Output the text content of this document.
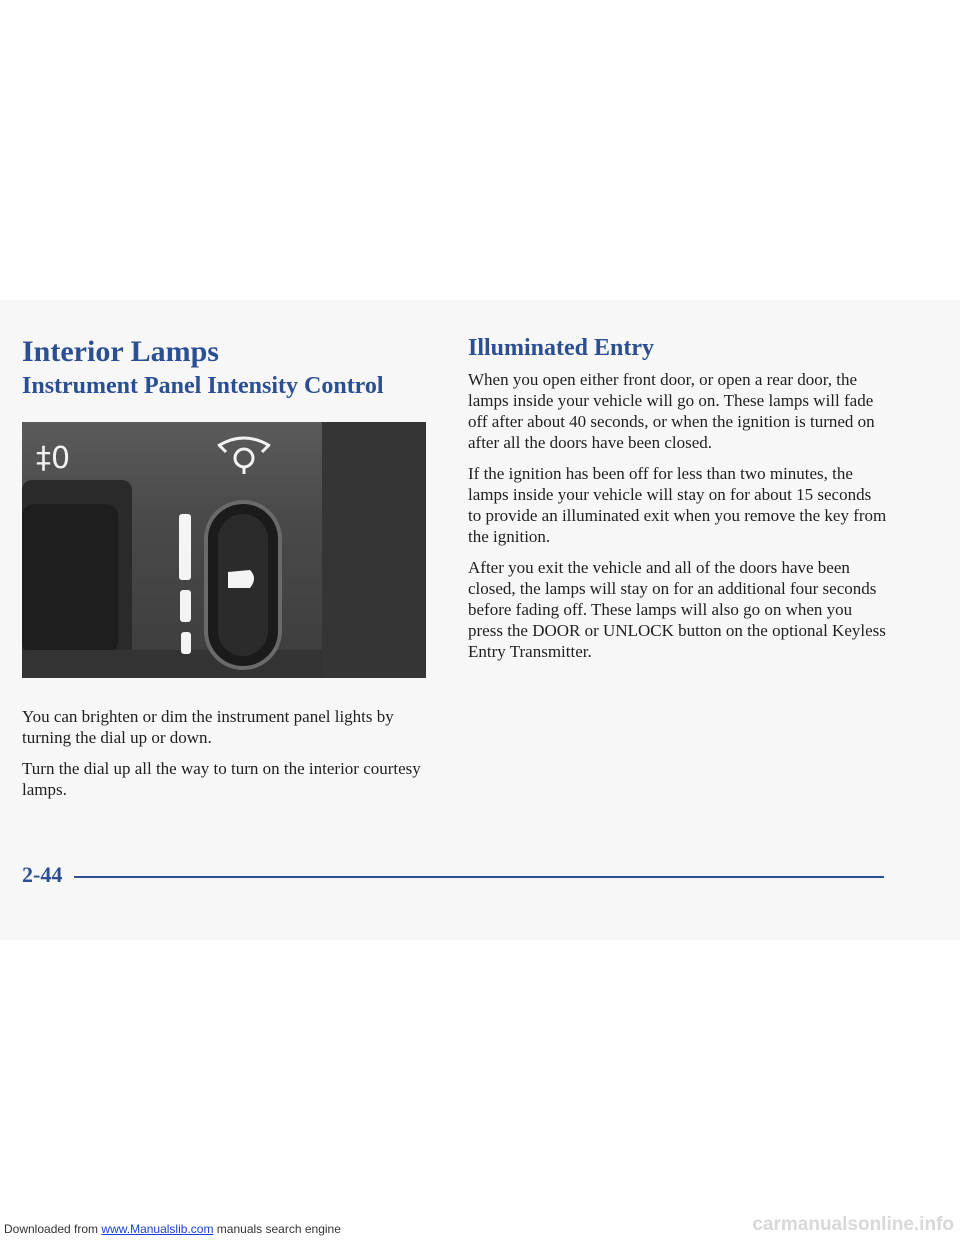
Interior Lamps
Instrument Panel Intensity Control
‡0

You can brighten or dim the instrument panel lights by turning the dial up or down.

Turn the dial up all the way to turn on the interior courtesy lamps.

Illuminated Entry

When you open either front door, or open a rear door, the lamps inside your vehicle will go on. These lamps will fade off after about 40 seconds, or when the ignition is turned on after all the doors have been closed.

If the ignition has been off for less than two minutes, the lamps inside your vehicle will stay on for about 15 seconds to provide an illuminated exit when you remove the key from the ignition.

After you exit the vehicle and all of the doors have been closed, the lamps will stay on for an additional four seconds before fading off. These lamps will also go on when you press the DOOR or UNLOCK button on the optional Keyless Entry Transmitter.

2-44
Downloaded from www.Manualslib.com manuals search engine	carmanualsonline.info
